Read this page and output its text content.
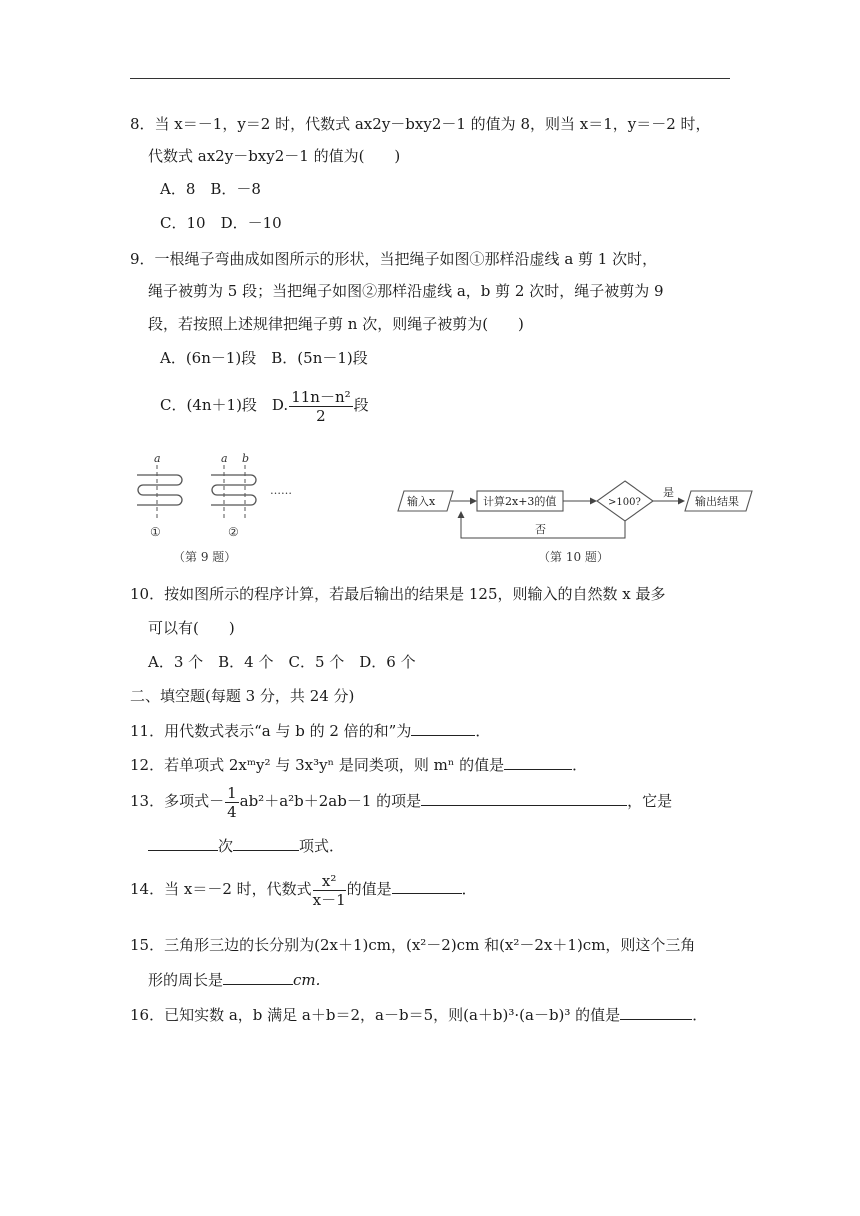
8．当 x＝－1，y＝2 时，代数式 ax2y－bxy2－1 的值为 8，则当 x＝1，y＝－2 时，
代数式 ax2y－bxy2－1 的值为(　　)
A．8　B．－8
C．10　D．－10
9．一根绳子弯曲成如图所示的形状，当把绳子如图①那样沿虚线 a 剪 1 次时，
绳子被剪为 5 段；当把绳子如图②那样沿虚线 a，b 剪 2 次时，绳子被剪为 9
段，若按照上述规律把绳子剪 n 次，则绳子被剪为(　　)
A．(6n－1)段　B．(5n－1)段
C．(4n＋1)段　D. $\frac{\text{11n－n²}}{2}$ 段
a	a b
……
①	②
（第 9 题）
输入x	计算2x+3的值	>100?
是
输出结果
否
（第 10 题）
10．按如图所示的程序计算，若最后输出的结果是 125，则输入的自然数 x 最多
可以有(　　)
A．3 个　B．4 个　C．5 个　D．6 个
二、填空题(每题 3 分，共 24 分)
11．用代数式表示“a 与 b 的 2 倍的和”为	．
12．若单项式 2xᵐy² 与 3x³yⁿ 是同类项，则 mⁿ 的值是	．
13．多项式－ $\frac{1}{4} ab^2+a^2b+2ab-1$ 的项是	，它是
次	项式．
14．当 x＝－2 时，代数式 $\frac{\text{x²}}{x-1}$ 的值是	．
15．三角形三边的长分别为(2x＋1)cm，(x²－2)cm 和(x²－2x＋1)cm，则这个三角
形的周长是	cm.
16．已知实数 a，b 满足 a＋b＝2，a－b＝5，则(a＋b)³·(a－b)³ 的值是	．
